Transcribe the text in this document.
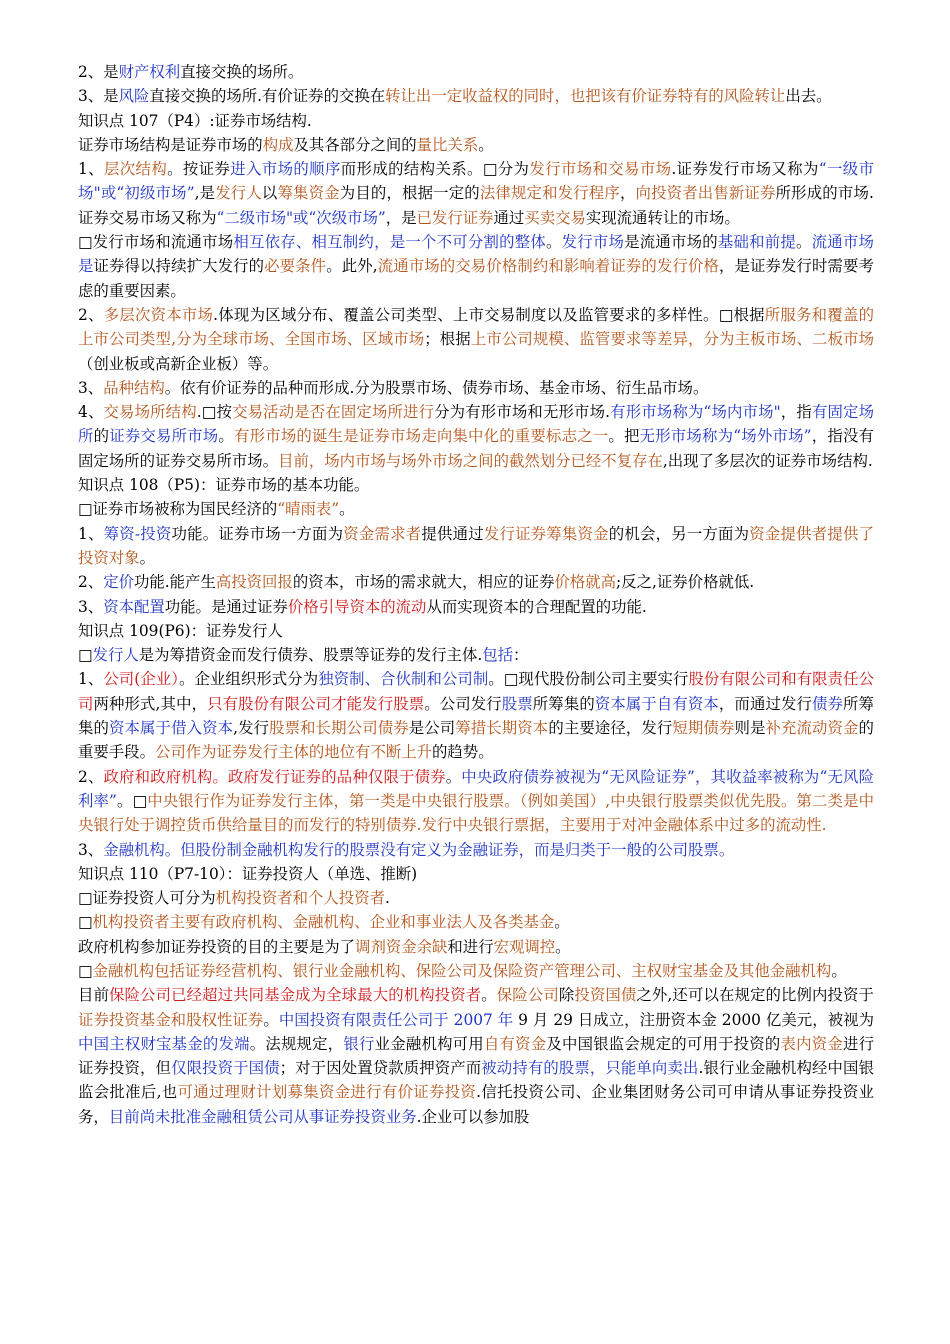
2、是财产权利直接交换的场所。

3、是风险直接交换的场所.有价证券的交换在转让出一定收益权的同时，也把该有价证券特有的风险转让出去。

知识点 107（P4）:证券市场结构.

证券市场结构是证券市场的构成及其各部分之间的量比关系。

1、层次结构。按证券进入市场的顺序而形成的结构关系。□分为发行市场和交易市场.证券发行市场又称为“一级市场"或“初级市场”,是发行人以筹集资金为目的，根据一定的法律规定和发行程序，向投资者出售新证券所形成的市场.证券交易市场又称为“二级市场"或“次级市场”，是已发行证券通过买卖交易实现流通转让的市场。

□发行市场和流通市场相互依存、相互制约，是一个不可分割的整体。发行市场是流通市场的基础和前提。流通市场是证券得以持续扩大发行的必要条件。此外,流通市场的交易价格制约和影响着证券的发行价格，是证券发行时需要考虑的重要因素。

2、多层次资本市场.体现为区域分布、覆盖公司类型、上市交易制度以及监管要求的多样性。□根据所服务和覆盖的上市公司类型,分为全球市场、全国市场、区域市场；根据上市公司规模、监管要求等差异，分为主板市场、二板市场（创业板或高新企业板）等。

3、品种结构。依有价证券的品种而形成.分为股票市场、债券市场、基金市场、衍生品市场。

4、交易场所结构.□按交易活动是否在固定场所进行分为有形市场和无形市场.有形市场称为“场内市场"，指有固定场所的证券交易所市场。有形市场的诞生是证券市场走向集中化的重要标志之一。把无形市场称为“场外市场”，指没有固定场所的证券交易所市场。目前，场内市场与场外市场之间的截然划分已经不复存在,出现了多层次的证券市场结构.

知识点 108（P5)：证券市场的基本功能。

□证券市场被称为国民经济的“晴雨表”。

1、筹资-投资功能。证券市场一方面为资金需求者提供通过发行证券筹集资金的机会，另一方面为资金提供者提供了投资对象。

2、定价功能.能产生高投资回报的资本，市场的需求就大，相应的证券价格就高;反之,证券价格就低.

3、资本配置功能。是通过证券价格引导资本的流动从而实现资本的合理配置的功能.

知识点 109(P6)：证券发行人

□发行人是为筹措资金而发行债券、股票等证券的发行主体.包括：

1、公司(企业）。企业组织形式分为独资制、合伙制和公司制。□现代股份制公司主要实行股份有限公司和有限责任公司两种形式,其中，只有股份有限公司才能发行股票。公司发行股票所筹集的资本属于自有资本，而通过发行债券所筹集的资本属于借入资本,发行股票和长期公司债券是公司筹措长期资本的主要途径，发行短期债券则是补充流动资金的重要手段。公司作为证券发行主体的地位有不断上升的趋势。

2、政府和政府机构。政府发行证券的品种仅限于债券。中央政府债券被视为“无风险证券”，其收益率被称为“无风险利率”。□中央银行作为证券发行主体，第一类是中央银行股票。（例如美国）,中央银行股票类似优先股。第二类是中央银行处于调控货币供给量目的而发行的特别债券.发行中央银行票据，主要用于对冲金融体系中过多的流动性.

3、金融机构。但股份制金融机构发行的股票没有定义为金融证券，而是归类于一般的公司股票。

知识点 110（P7-10）：证券投资人（单选、推断)

□证券投资人可分为机构投资者和个人投资者.

□机构投资者主要有政府机构、金融机构、企业和事业法人及各类基金。

政府机构参加证券投资的目的主要是为了调剂资金余缺和进行宏观调控。

□金融机构包括证券经营机构、银行业金融机构、保险公司及保险资产管理公司、主权财宝基金及其他金融机构。

目前保险公司已经超过共同基金成为全球最大的机构投资者。保险公司除投资国债之外,还可以在规定的比例内投资于证券投资基金和股权性证券。中国投资有限责任公司于 2007 年 9 月 29 日成立，注册资本金 2000 亿美元，被视为中国主权财宝基金的发端。法规规定，银行业金融机构可用自有资金及中国银监会规定的可用于投资的表内资金进行证券投资，但仅限投资于国债；对于因处置贷款质押资产而被动持有的股票，只能单向卖出.银行业金融机构经中国银监会批准后,也可通过理财计划募集资金进行有价证券投资.信托投资公司、企业集团财务公司可申请从事证券投资业务，目前尚未批准金融租赁公司从事证券投资业务.企业可以参加股
